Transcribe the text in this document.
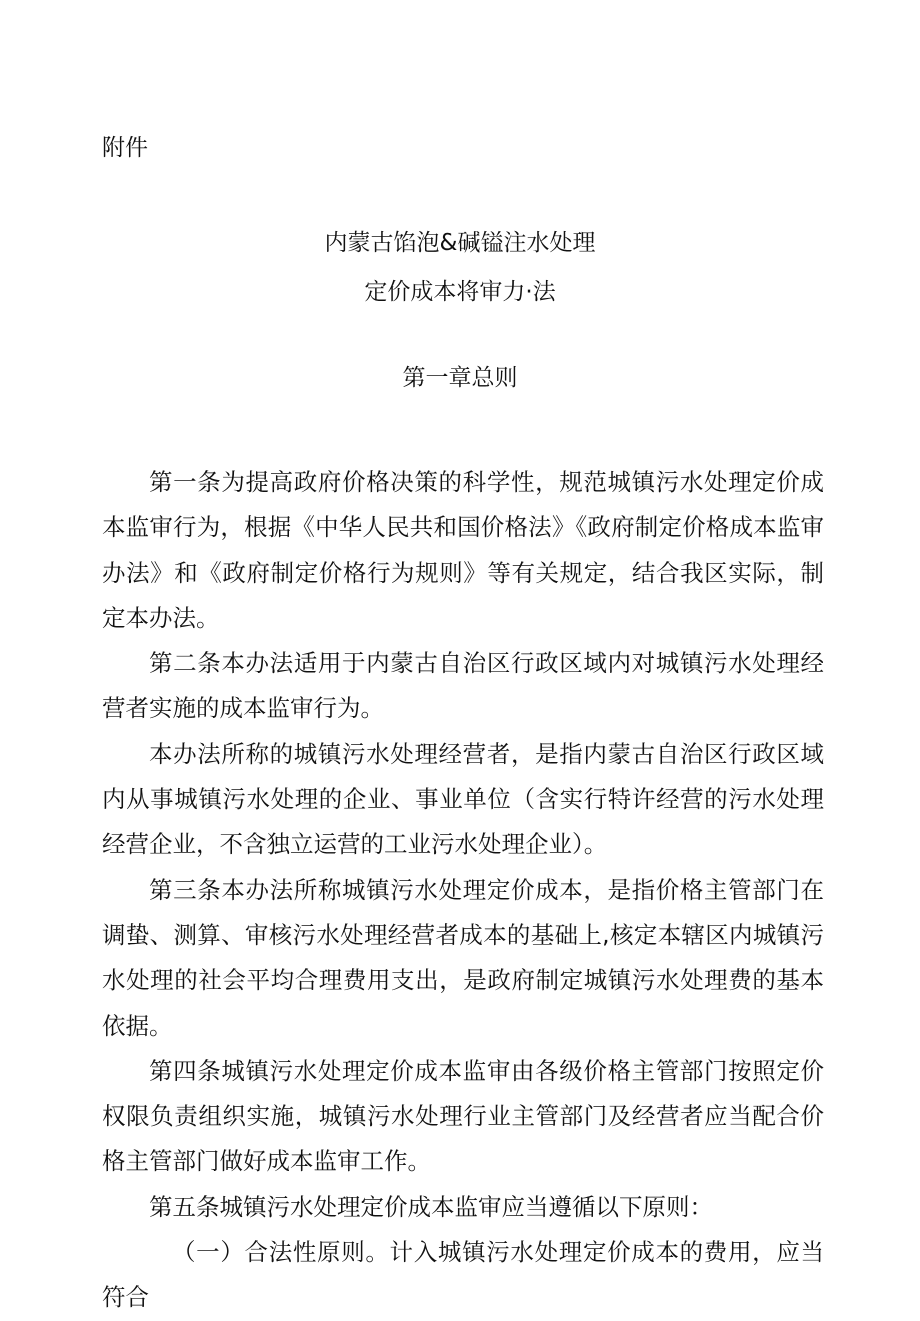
附件
内蒙古馅泡&碱镒注水处理
定价成本将审力·法
第一章总则

第一条为提高政府价格决策的科学性，规范城镇污水处理定价成本监审行为，根据《中华人民共和国价格法》《政府制定价格成本监审办法》和《政府制定价格行为规则》等有关规定，结合我区实际，制定本办法。

第二条本办法适用于内蒙古自治区行政区域内对城镇污水处理经营者实施的成本监审行为。

本办法所称的城镇污水处理经营者，是指内蒙古自治区行政区域内从事城镇污水处理的企业、事业单位（含实行特许经营的污水处理经营企业，不含独立运营的工业污水处理企业）。

第三条本办法所称城镇污水处理定价成本，是指价格主管部门在调蛰、测算、审核污水处理经营者成本的基础上,核定本辖区内城镇污水处理的社会平均合理费用支出，是政府制定城镇污水处理费的基本依据。

第四条城镇污水处理定价成本监审由各级价格主管部门按照定价权限负责组织实施，城镇污水处理行业主管部门及经营者应当配合价格主管部门做好成本监审工作。

第五条城镇污水处理定价成本监审应当遵循以下原则：

（一）合法性原则。计入城镇污水处理定价成本的费用，应当符合
